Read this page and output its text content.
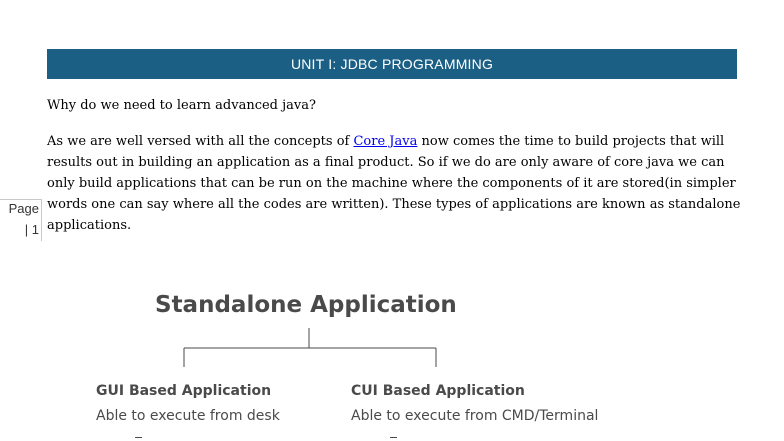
UNIT I: JDBC PROGRAMMING
Why do we need to learn advanced java?
As we are well versed with all the concepts of Core Java now comes the time to build projects that will results out in building an application as a final product. So if we do are only aware of core java we can only build applications that can be run on the machine where the components of it are stored(in simpler words one can say where all the codes are written). These types of applications are known as standalone applications.
Page
| 1
Standalone Application
GUI Based Application
Able to execute from desk
CUI Based Application
Able to execute from CMD/Terminal
